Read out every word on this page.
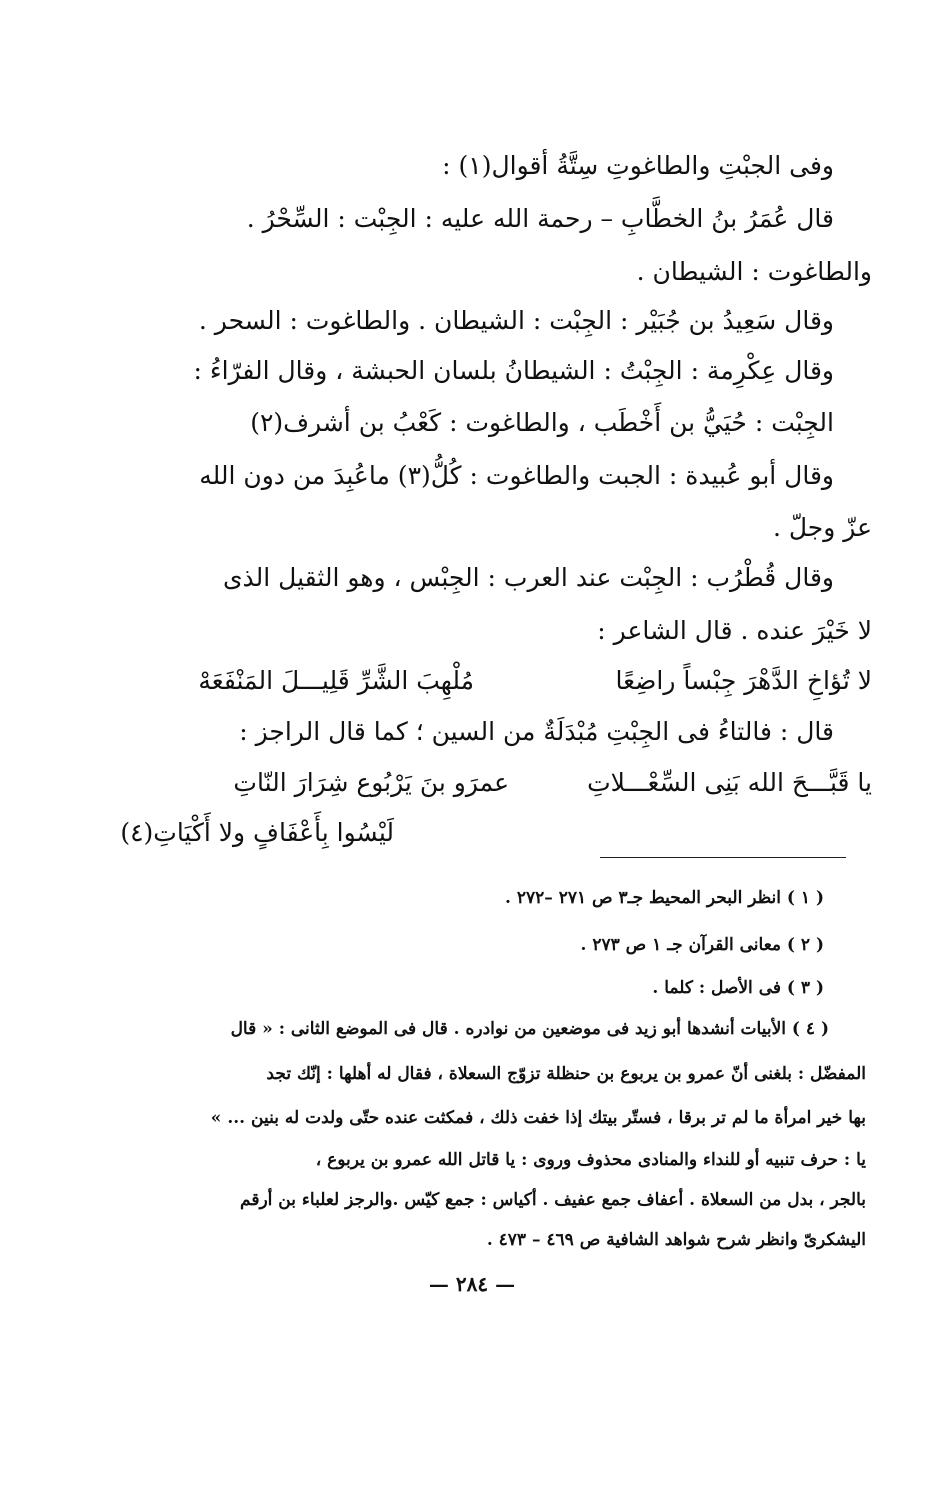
وفى الجبْتِ والطاغوتِ سِتَّةُ أقوال(١) :
قال عُمَرُ بنُ الخطَّابِ – رحمة الله عليه : الجِبْت : السِّحْرُ .
والطاغوت : الشيطان .
وقال سَعِيدُ بن جُبَيْر : الجِبْت : الشيطان . والطاغوت : السحر .
وقال عِكْرِمة : الجِبْتُ : الشيطانُ بلسان الحبشة ، وقال الفرّاءُ :
الجِبْت : حُيَيُّ بن أَخْطَب ، والطاغوت : كَعْبُ بن أشرف(٢)
وقال أبو عُبيدة : الجبت والطاغوت : كُلُّ(٣) ماعُبِدَ من دون الله
عزّ وجلّ .
وقال قُطْرُب : الجِبْت عند العرب : الجِبْس ، وهو الثقيل الذى
لا خَيْرَ عنده . قال الشاعر :
لا تُؤاخِ الدَّهْرَ جِبْساً راضِعًا
مُلْهِبَ الشَّرِّ قَلِيـــلَ المَنْفَعَهْ
قال : فالتاءُ فى الجِبْتِ مُبْدَلَةٌ من السين ؛ كما قال الراجز :
يا قَبَّـــحَ الله بَنِى السِّعْـــلاتِ
عمرَو بنَ يَرْبُوع شِرَارَ النّاتِ
لَيْسُوا بِأَعْفَافٍ ولا أَكْيَاتِ(٤)
( ١ ) انظر البحر المحيط جـ٣ ص ٢٧١ –٢٧٢ .
( ٢ ) معانى القرآن جـ ١ ص ٢٧٣ .
( ٣ ) فى الأصل : كلما .
( ٤ ) الأبيات أنشدها أبو زيد فى موضعين من نوادره . قال فى الموضع الثانى : « قال
المفضّل : بلغنى أنّ عمرو بن يربوع بن حنظلة تزوّج السعلاة ، فقال له أهلها : إنّك تجد
بها خير امرأة ما لم تر برقا ، فستّر بيتك إذا خفت ذلك ، فمكثت عنده حتّى ولدت له بنين ... »
يا : حرف تنبيه أو للنداء والمنادى محذوف وروى : يا قاتل الله عمرو بن يربوع ،
بالجر ، بدل من السعلاة . أعفاف جمع عفيف . أكياس : جمع كيّس .والرجز لعلباء بن أرقم
اليشكرىّ وانظر شرح شواهد الشافية ص ٤٦٩ – ٤٧٣ .
— ٢٨٤ —
